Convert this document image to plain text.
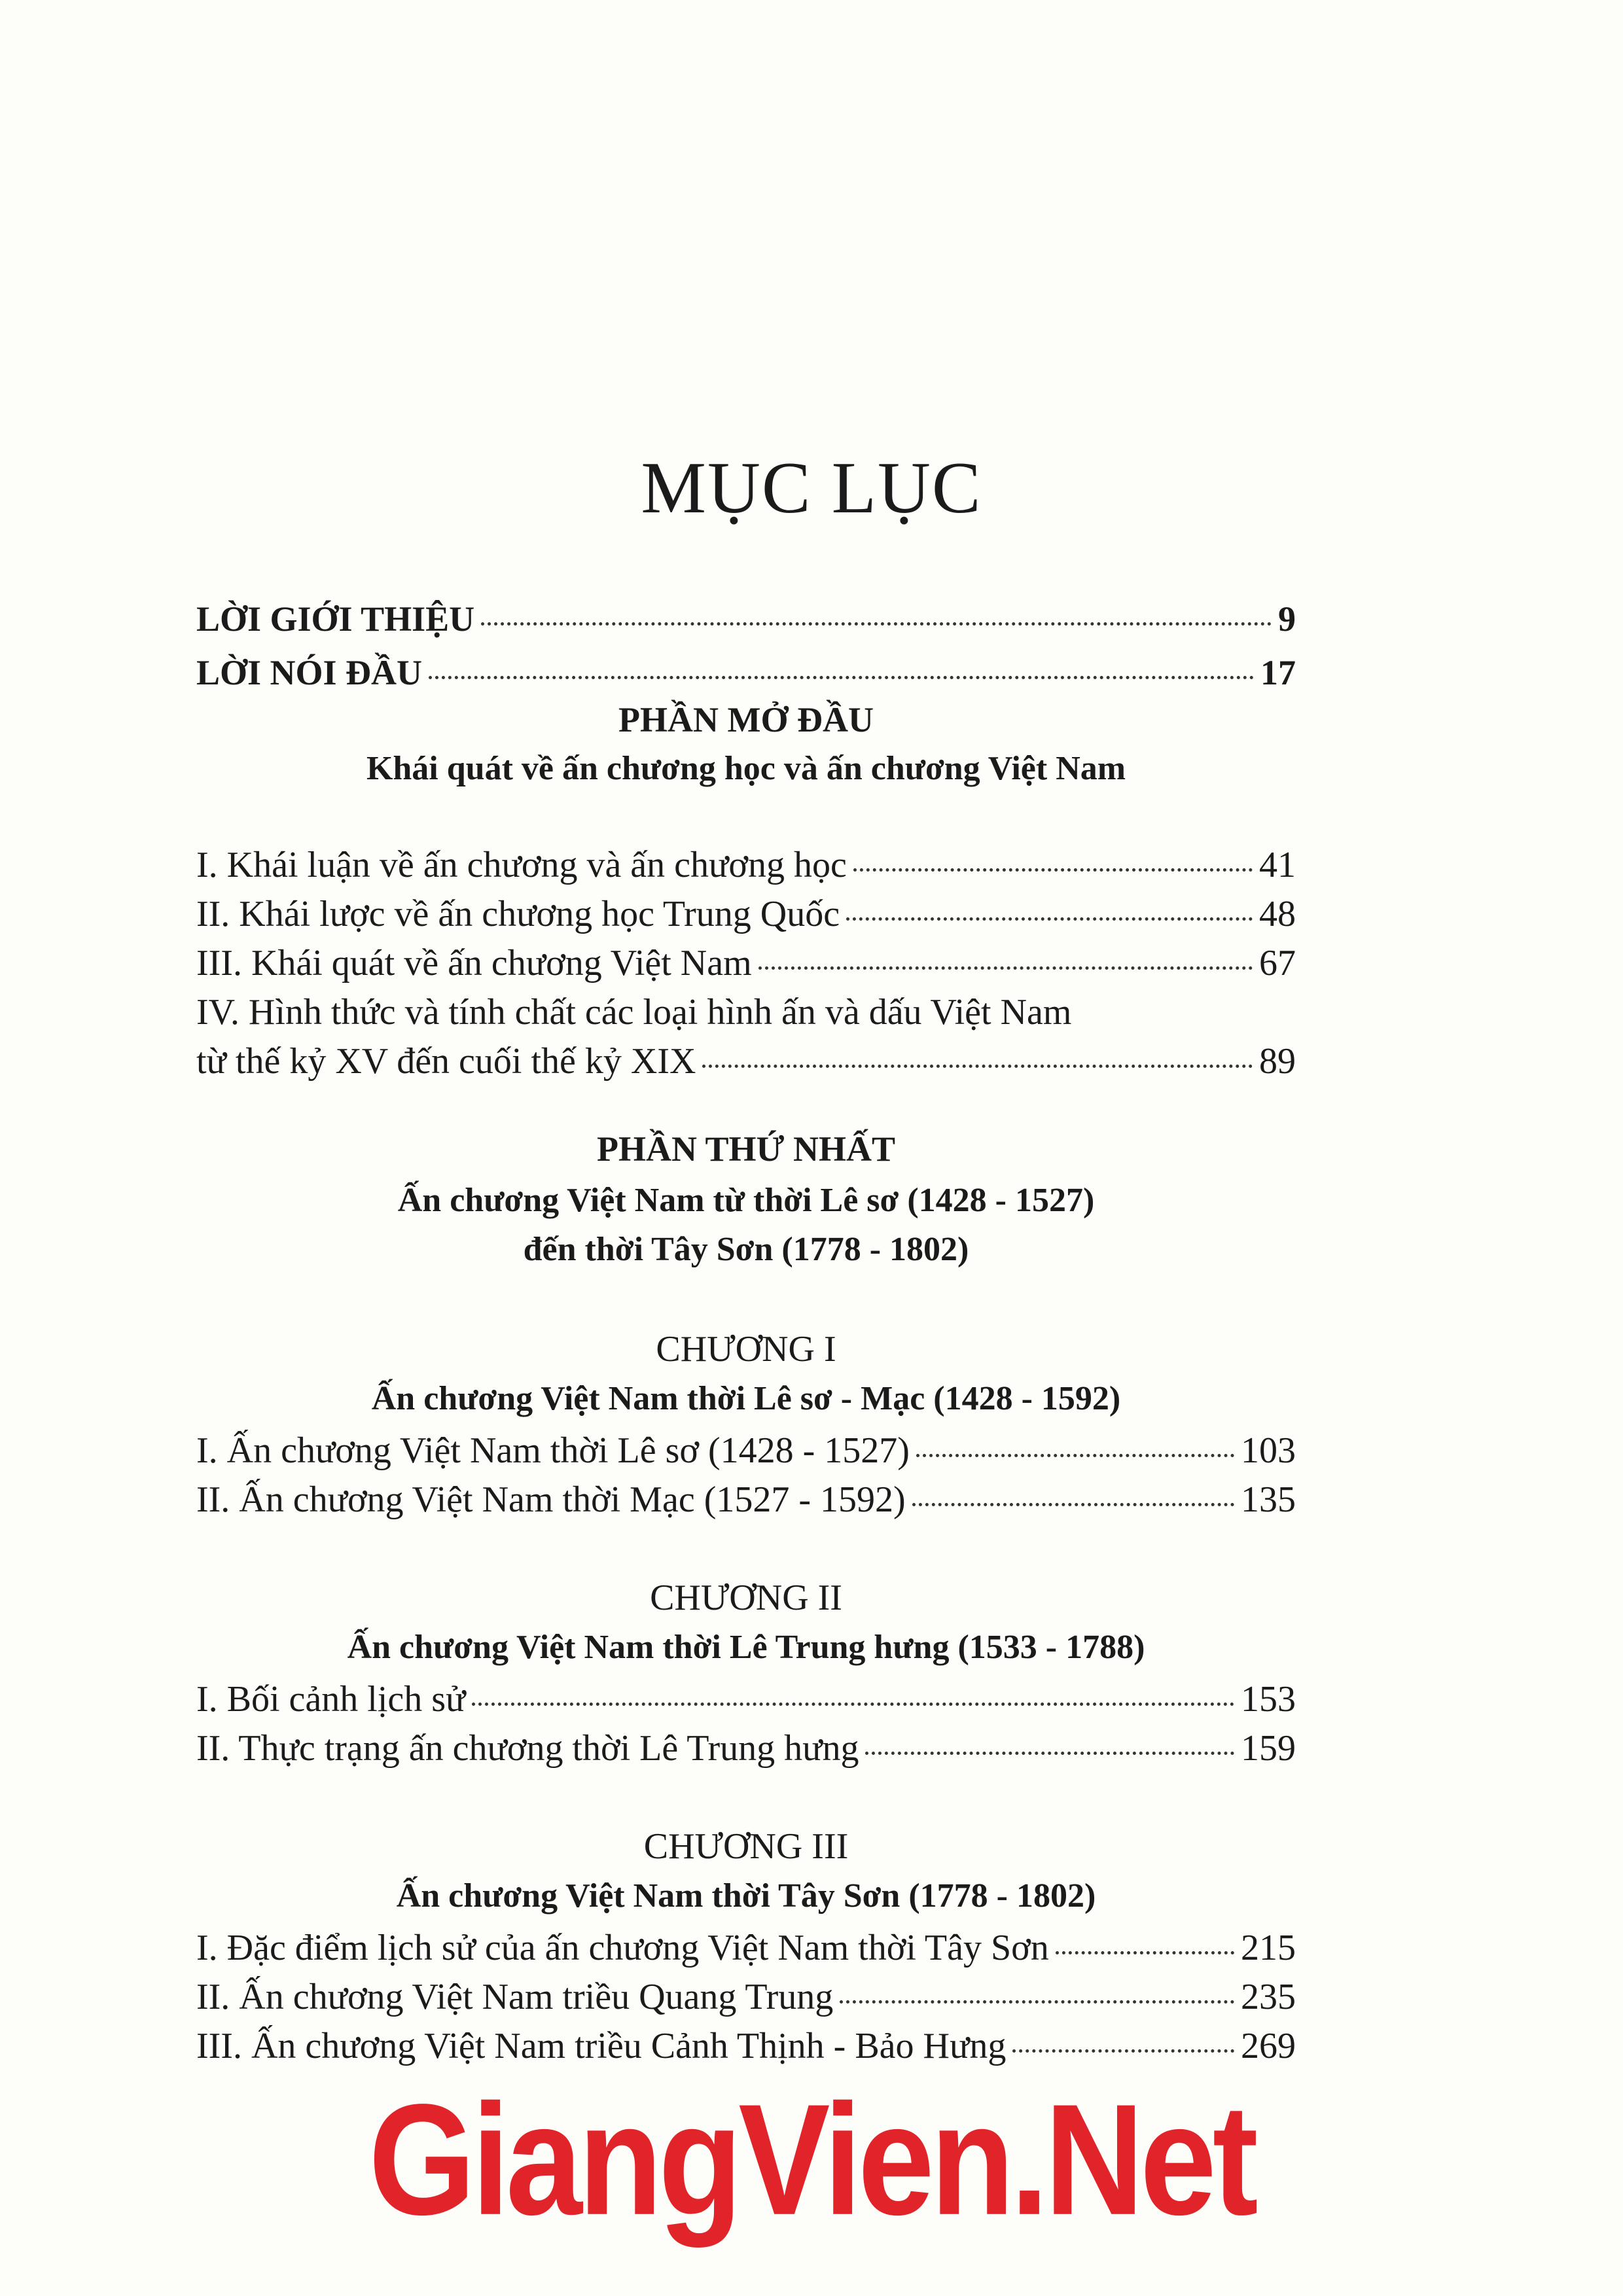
MỤC LỤC
LỜI GIỚI THIỆU	9
LỜI NÓI ĐẦU	17
PHẦN MỞ ĐẦU
Khái quát về ấn chương học và ấn chương Việt Nam
I. Khái luận về ấn chương và ấn chương học	41
II. Khái lược về ấn chương học Trung Quốc	48
III. Khái quát về ấn chương Việt Nam	67
IV. Hình thức và tính chất các loại hình ấn và dấu Việt Nam
từ thế kỷ XV đến cuối thế kỷ XIX	89
PHẦN THỨ NHẤT
Ấn chương Việt Nam từ thời Lê sơ (1428 - 1527)
đến thời Tây Sơn (1778 - 1802)
CHƯƠNG I
Ấn chương Việt Nam thời Lê sơ - Mạc (1428 - 1592)
I. Ấn chương Việt Nam thời Lê sơ (1428 - 1527)	103
II. Ấn chương Việt Nam thời Mạc (1527 - 1592)	135
CHƯƠNG II
Ấn chương Việt Nam thời Lê Trung hưng (1533 - 1788)
I. Bối cảnh lịch sử	153
II. Thực trạng ấn chương thời Lê Trung hưng	159
CHƯƠNG III
Ấn chương Việt Nam thời Tây Sơn (1778 - 1802)
I. Đặc điểm lịch sử của ấn chương Việt Nam thời Tây Sơn	215
II. Ấn chương Việt Nam triều Quang Trung	235
III. Ấn chương Việt Nam triều Cảnh Thịnh - Bảo Hưng	269
GiangVien.Net
